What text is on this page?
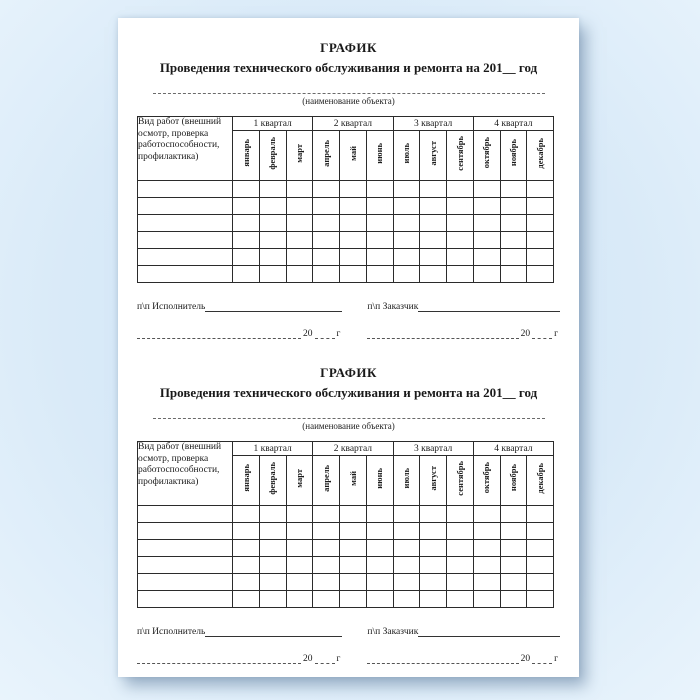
ГРАФИК
Проведения технического обслуживания и ремонта на 201__ год
(наименование объекта)
Вид работ (внешний осмотр, проверка работоспособности, профилактика)	1 квартал			2 квартал			3 квартал			4 квартал		
	январь	февраль	март	апрель	май	июнь	июль	август	сентябрь	октябрь	ноябрь	декабрь

п\п Исполнитель	п\п Заказчик
20	г	20	г
ГРАФИК
Проведения технического обслуживания и ремонта на 201__ год
(наименование объекта)
Вид работ (внешний осмотр, проверка работоспособности, профилактика)	1 квартал			2 квартал			3 квартал			4 квартал		
	январь	февраль	март	апрель	май	июнь	июль	август	сентябрь	октябрь	ноябрь	декабрь

п\п Исполнитель	п\п Заказчик
20	г	20	г
